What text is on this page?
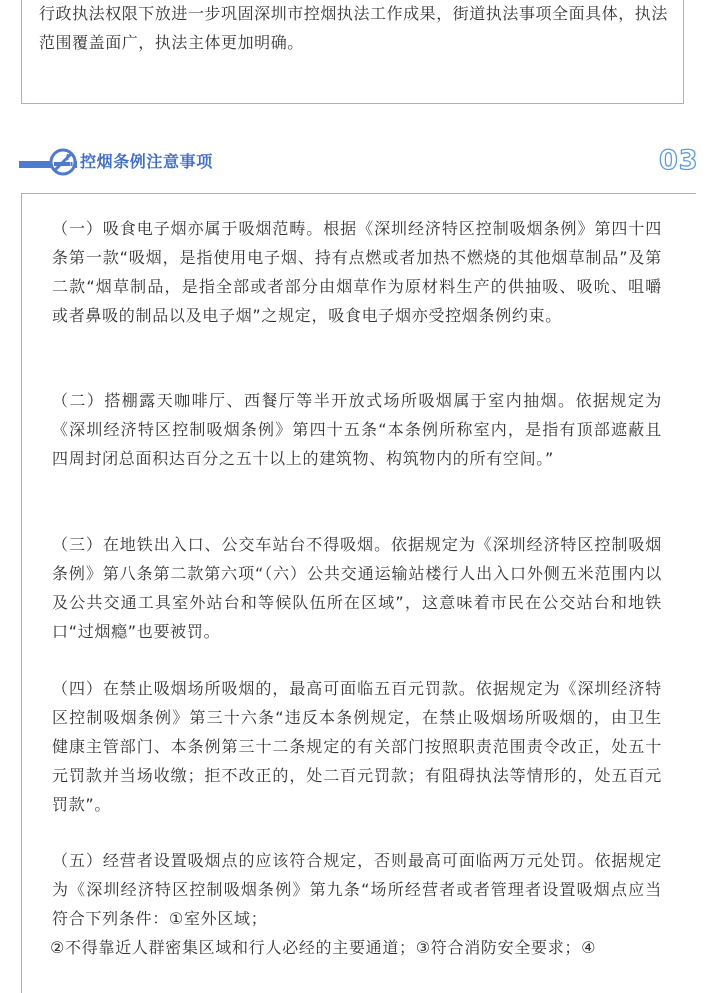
行政执法权限下放进一步巩固深圳市控烟执法工作成果，街道执法事项全面具体，执法范围覆盖面广，执法主体更加明确。

控烟条例注意事项	03

（一）吸食电子烟亦属于吸烟范畴。根据《深圳经济特区控制吸烟条例》第四十四条第一款“吸烟，是指使用电子烟、持有点燃或者加热不燃烧的其他烟草制品”及第二款“烟草制品，是指全部或者部分由烟草作为原材料生产的供抽吸、吸吮、咀嚼或者鼻吸的制品以及电子烟”之规定，吸食电子烟亦受控烟条例约束。

（二）搭棚露天咖啡厅、西餐厅等半开放式场所吸烟属于室内抽烟。依据规定为《深圳经济特区控制吸烟条例》第四十五条“本条例所称室内，是指有顶部遮蔽且四周封闭总面积达百分之五十以上的建筑物、构筑物内的所有空间。”

（三）在地铁出入口、公交车站台不得吸烟。依据规定为《深圳经济特区控制吸烟条例》第八条第二款第六项“（六）公共交通运输站楼行人出入口外侧五米范围内以及公共交通工具室外站台和等候队伍所在区域”，这意味着市民在公交站台和地铁口“过烟瘾”也要被罚。

（四）在禁止吸烟场所吸烟的，最高可面临五百元罚款。依据规定为《深圳经济特区控制吸烟条例》第三十六条“违反本条例规定，在禁止吸烟场所吸烟的，由卫生健康主管部门、本条例第三十二条规定的有关部门按照职责范围责令改正，处五十元罚款并当场收缴；拒不改正的，处二百元罚款；有阻碍执法等情形的，处五百元罚款”。

（五）经营者设置吸烟点的应该符合规定，否则最高可面临两万元处罚。依据规定为《深圳经济特区控制吸烟条例》第九条“场所经营者或者管理者设置吸烟点应当符合下列条件：①室外区域；

②不得靠近人群密集区域和行人必经的主要通道；③符合消防安全要求；④
